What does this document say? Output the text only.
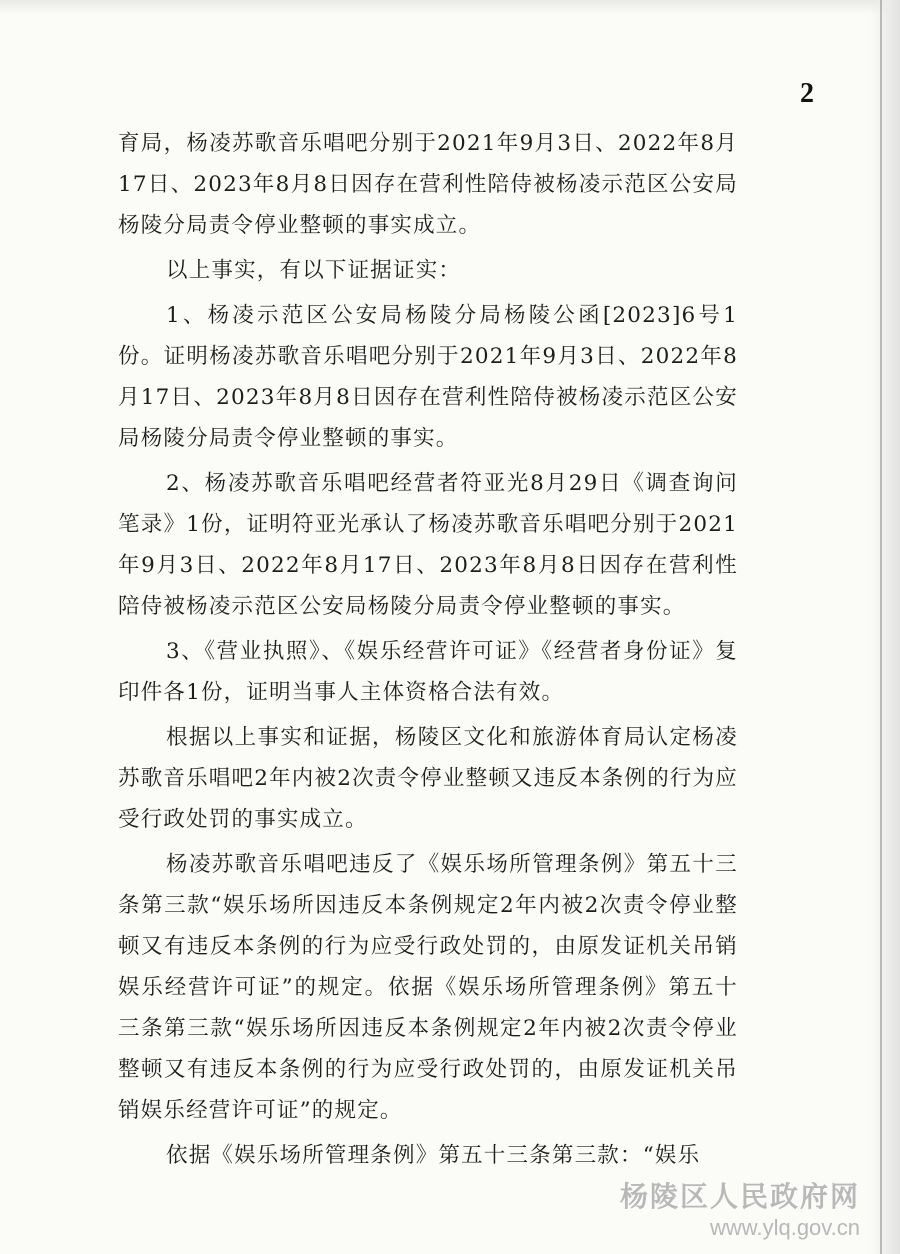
2

育局，杨凌苏歌音乐唱吧分别于2021年9月3日、2022年8月17日、2023年8月8日因存在营利性陪侍被杨凌示范区公安局杨陵分局责令停业整顿的事实成立。

以上事实，有以下证据证实：

1、杨凌示范区公安局杨陵分局杨陵公函[2023]6号1份。证明杨凌苏歌音乐唱吧分别于2021年9月3日、2022年8月17日、2023年8月8日因存在营利性陪侍被杨凌示范区公安局杨陵分局责令停业整顿的事实。

2、杨凌苏歌音乐唱吧经营者符亚光8月29日《调查询问笔录》1份，证明符亚光承认了杨凌苏歌音乐唱吧分别于2021年9月3日、2022年8月17日、2023年8月8日因存在营利性陪侍被杨凌示范区公安局杨陵分局责令停业整顿的事实。

3、《营业执照》、《娱乐经营许可证》《经营者身份证》复印件各1份，证明当事人主体资格合法有效。

根据以上事实和证据，杨陵区文化和旅游体育局认定杨凌苏歌音乐唱吧2年内被2次责令停业整顿又违反本条例的行为应受行政处罚的事实成立。

杨凌苏歌音乐唱吧违反了《娱乐场所管理条例》第五十三条第三款“娱乐场所因违反本条例规定2年内被2次责令停业整顿又有违反本条例的行为应受行政处罚的，由原发证机关吊销娱乐经营许可证”的规定。依据《娱乐场所管理条例》第五十三条第三款“娱乐场所因违反本条例规定2年内被2次责令停业整顿又有违反本条例的行为应受行政处罚的，由原发证机关吊销娱乐经营许可证”的规定。

依据《娱乐场所管理条例》第五十三条第三款：“娱乐

杨陵区人民政府网
www.ylq.gov.cn
